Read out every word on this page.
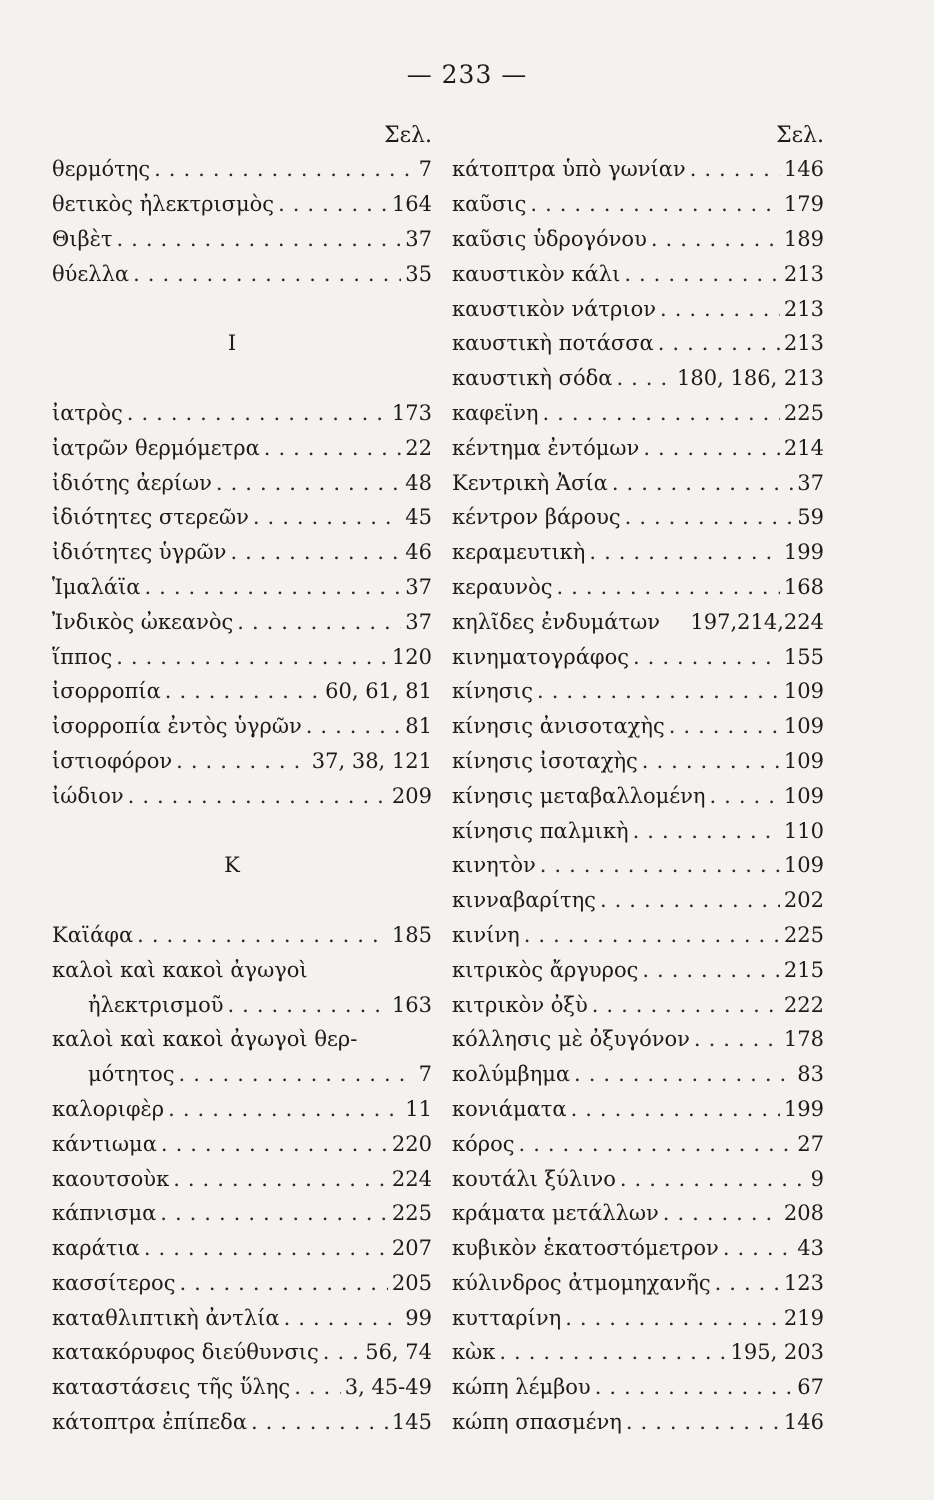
— 233 —
Σελ.
θερμότης .....	7
θετικὸς ἠλεκτρισμὸς .....	164
Θιβὲτ .....	37
θύελλα .....	35
Ι
ἰατρὸς .....	173
ἰατρῶν θερμόμετρα .....	22
ἰδιότης ἀερίων .....	48
ἰδιότητες στερεῶν .....	45
ἰδιότητες ὑγρῶν .....	46
Ἱμαλάϊα .....	37
Ἰνδικὸς ὠκεανὸς .....	37
ἵππος .....	120
ἰσορροπία .....	60, 61, 81
ἰσορροπία ἐντὸς ὑγρῶν .....	81
ἱστιοφόρον .....	37, 38, 121
ἰώδιον .....	209
Κ
Καϊάφα .....	185
καλοὶ καὶ κακοὶ ἀγωγοὶ
ἠλεκτρισμοῦ .....	163
καλοὶ καὶ κακοὶ ἀγωγοὶ θερ-
μότητος .....	7
καλοριφὲρ .....	11
κάντιωμα .....	220
καουτσοὺκ .....	224
κάπνισμα .....	225
καράτια .....	207
κασσίτερος .....	205
καταθλιπτικὴ ἀντλία .....	99
κατακόρυφος διεύθυνσις ..... 56, 74
καταστάσεις τῆς ὕλης .....	3, 45-49
κάτοπτρα ἐπίπεδα .....	145
Σελ.
κάτοπτρα ὑπὸ γωνίαν .....	146
καῦσις .....	179
καῦσις ὑδρογόνου .....	189
καυστικὸν κάλι .....	213
καυστικὸν νάτριον .....	213
καυστικὴ ποτάσσα .....	213
καυστικὴ σόδα .....	180, 186, 213
καφεϊνη .....	225
κέντημα ἐντόμων .....	214
Κεντρικὴ Ἀσία .....	37
κέντρον βάρους .....	59
κεραμευτικὴ .....	199
κεραυνὸς .....	168
κηλῖδες ἐνδυμάτων 197,214,224
κινηματογράφος .....	155
κίνησις .....	109
κίνησις ἀνισοταχὴς .....	109
κίνησις ἰσοταχὴς .....	109
κίνησις μεταβαλλομένη .....	109
κίνησις παλμικὴ .....	110
κινητὸν .....	109
κινναβαρίτης .....	202
κινίνη .....	225
κιτρικὸς ἄργυρος .....	215
κιτρικὸν ὀξὺ .....	222
κόλλησις μὲ ὀξυγόνον .....	178
κολύμβημα .....	83
κονιάματα .....	199
κόρος .....	27
κουτάλι ξύλινο .....	9
κράματα μετάλλων .....	208
κυβικὸν ἑκατοστόμετρον .....	43
κύλινδρος ἀτμομηχανῆς .....	123
κυτταρίνη .....	219
κὼκ .....	195, 203
κώπη λέμβου .....	67
κώπη σπασμένη .....	146
